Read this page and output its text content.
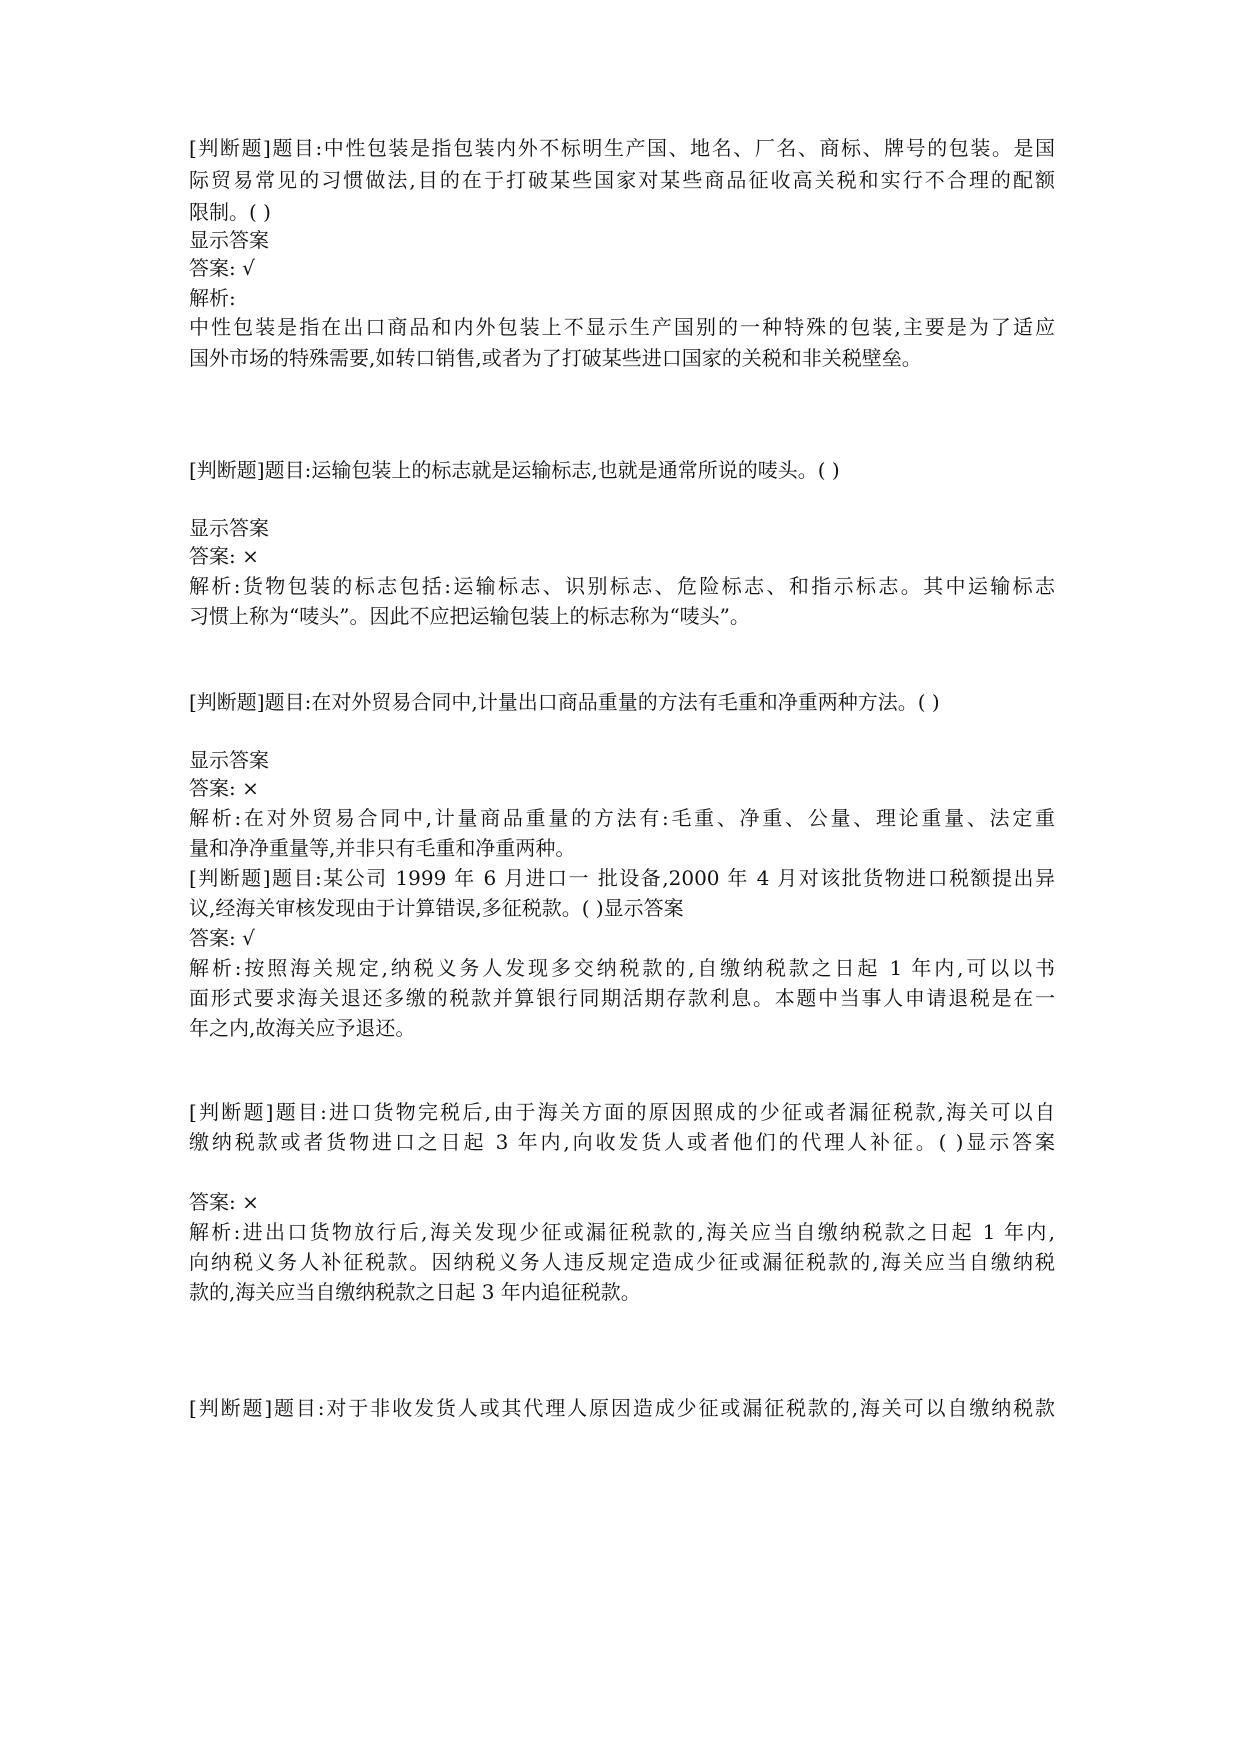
[判断题]题目:中性包装是指包装内外不标明生产国、地名、厂名、商标、牌号的包装。是国
际贸易常见的习惯做法,目的在于打破某些国家对某些商品征收高关税和实行不合理的配额
限制。( )
显示答案
答案: √
解析:
中性包装是指在出口商品和内外包装上不显示生产国别的一种特殊的包装,主要是为了适应
国外市场的特殊需要,如转口销售,或者为了打破某些进口国家的关税和非关税壁垒。
[判断题]题目:运输包装上的标志就是运输标志,也就是通常所说的唛头。( )
显示答案
答案: ×
解析:货物包装的标志包括:运输标志、识别标志、危险标志、和指示标志。其中运输标志
习惯上称为“唛头”。因此不应把运输包装上的标志称为“唛头”。
[判断题]题目:在对外贸易合同中,计量出口商品重量的方法有毛重和净重两种方法。( )
显示答案
答案: ×
解析:在对外贸易合同中,计量商品重量的方法有:毛重、净重、公量、理论重量、法定重
量和净净重量等,并非只有毛重和净重两种。
[判断题]题目:某公司 1999 年 6 月进口一 批设备,2000 年 4 月对该批货物进口税额提出异
议,经海关审核发现由于计算错误,多征税款。( )显示答案
答案: √
解析:按照海关规定,纳税义务人发现多交纳税款的,自缴纳税款之日起 1 年内,可以以书
面形式要求海关退还多缴的税款并算银行同期活期存款利息。本题中当事人申请退税是在一
年之内,故海关应予退还。
[判断题]题目:进口货物完税后,由于海关方面的原因照成的少征或者漏征税款,海关可以自
缴纳税款或者货物进口之日起 3 年内,向收发货人或者他们的代理人补征。( )显示答案
答案: ×
解析:进出口货物放行后,海关发现少征或漏征税款的,海关应当自缴纳税款之日起 1 年内,
向纳税义务人补征税款。因纳税义务人违反规定造成少征或漏征税款的,海关应当自缴纳税
款的,海关应当自缴纳税款之日起 3 年内追征税款。
[判断题]题目:对于非收发货人或其代理人原因造成少征或漏征税款的,海关可以自缴纳税款
